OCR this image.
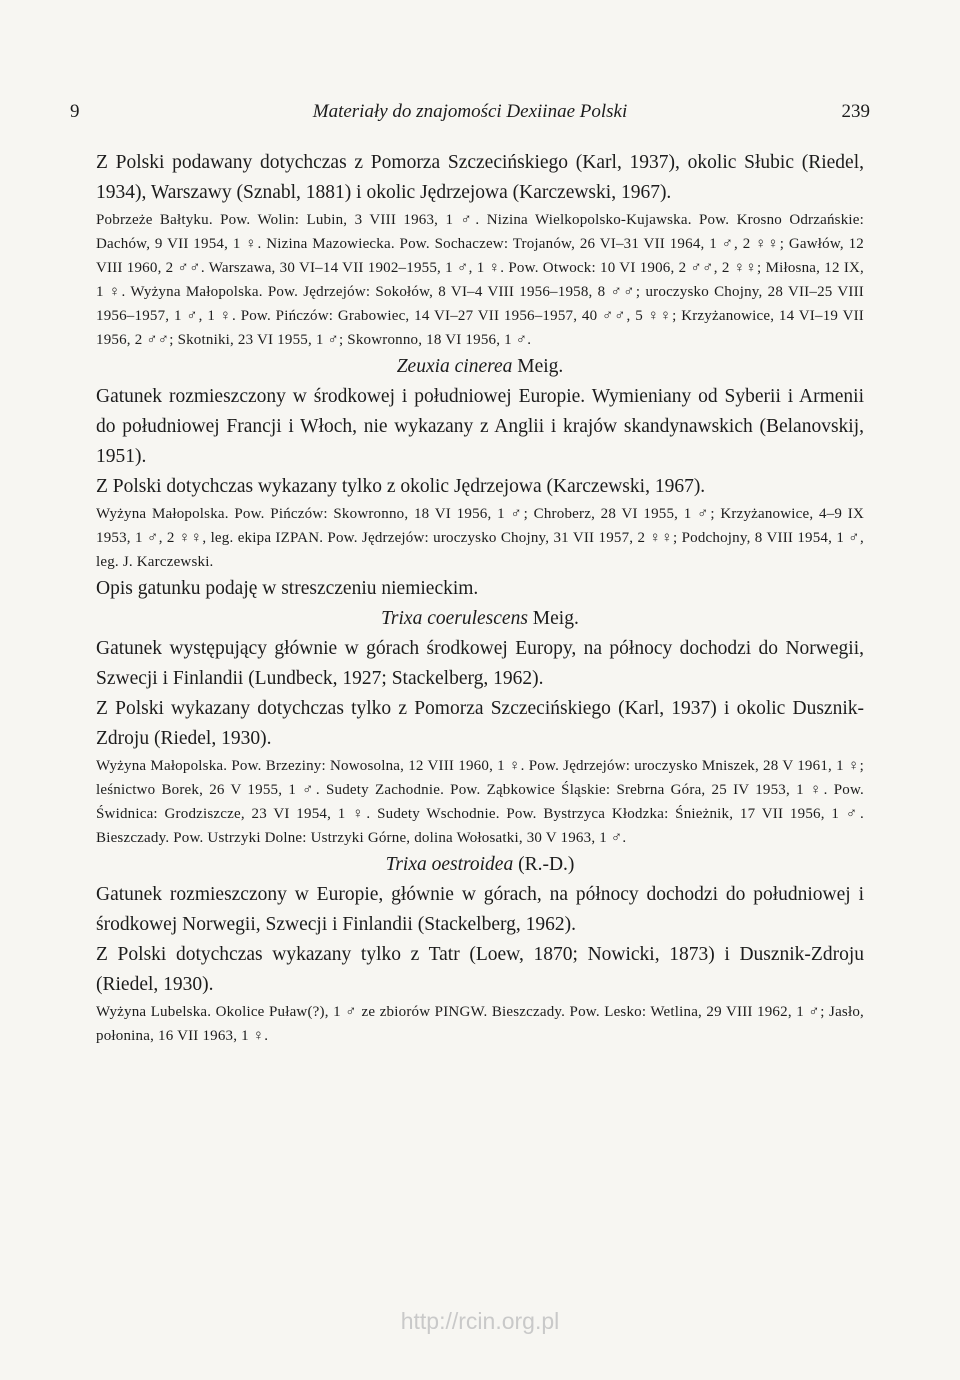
9	Materiały do znajomości Dexiinae Polski	239

Z Polski podawany dotychczas z Pomorza Szczecińskiego (Karl, 1937), okolic Słubic (Riedel, 1934), Warszawy (Sznabl, 1881) i okolic Jędrzejowa (Karczewski, 1967).

Pobrzeże Bałtyku. Pow. Wolin: Lubin, 3 VIII 1963, 1 ♂. Nizina Wielkopolsko-Kujawska. Pow. Krosno Odrzańskie: Dachów, 9 VII 1954, 1 ♀. Nizina Mazowiecka. Pow. Sochaczew: Trojanów, 26 VI–31 VII 1964, 1 ♂, 2 ♀♀; Gawłów, 12 VIII 1960, 2 ♂♂. Warszawa, 30 VI–14 VII 1902–1955, 1 ♂, 1 ♀. Pow. Otwock: 10 VI 1906, 2 ♂♂, 2 ♀♀; Miłosna, 12 IX, 1 ♀. Wyżyna Małopolska. Pow. Jędrzejów: Sokołów, 8 VI–4 VIII 1956–1958, 8 ♂♂; uroczysko Chojny, 28 VII–25 VIII 1956–1957, 1 ♂, 1 ♀. Pow. Pińczów: Grabowiec, 14 VI–27 VII 1956–1957, 40 ♂♂, 5 ♀♀; Krzyżanowice, 14 VI–19 VII 1956, 2 ♂♂; Skotniki, 23 VI 1955, 1 ♂; Skowronno, 18 VI 1956, 1 ♂.

Zeuxia cinerea Meig.

Gatunek rozmieszczony w środkowej i południowej Europie. Wymieniany od Syberii i Armenii do południowej Francji i Włoch, nie wykazany z Anglii i krajów skandynawskich (Belanovskij, 1951).

Z Polski dotychczas wykazany tylko z okolic Jędrzejowa (Karczewski, 1967).

Wyżyna Małopolska. Pow. Pińczów: Skowronno, 18 VI 1956, 1 ♂; Chroberz, 28 VI 1955, 1 ♂; Krzyżanowice, 4–9 IX 1953, 1 ♂, 2 ♀♀, leg. ekipa IZPAN. Pow. Jędrzejów: uroczysko Chojny, 31 VII 1957, 2 ♀♀; Podchojny, 8 VIII 1954, 1 ♂, leg. J. Karczewski.

Opis gatunku podaję w streszczeniu niemieckim.

Trixa coerulescens Meig.

Gatunek występujący głównie w górach środkowej Europy, na północy dochodzi do Norwegii, Szwecji i Finlandii (Lundbeck, 1927; Stackelberg, 1962).

Z Polski wykazany dotychczas tylko z Pomorza Szczecińskiego (Karl, 1937) i okolic Dusznik-Zdroju (Riedel, 1930).

Wyżyna Małopolska. Pow. Brzeziny: Nowosolna, 12 VIII 1960, 1 ♀. Pow. Jędrzejów: uroczysko Mniszek, 28 V 1961, 1 ♀; leśnictwo Borek, 26 V 1955, 1 ♂. Sudety Zachodnie. Pow. Ząbkowice Śląskie: Srebrna Góra, 25 IV 1953, 1 ♀. Pow. Świdnica: Grodziszcze, 23 VI 1954, 1 ♀. Sudety Wschodnie. Pow. Bystrzyca Kłodzka: Śnieżnik, 17 VII 1956, 1 ♂. Bieszczady. Pow. Ustrzyki Dolne: Ustrzyki Górne, dolina Wołosatki, 30 V 1963, 1 ♂.

Trixa oestroidea (R.-D.)

Gatunek rozmieszczony w Europie, głównie w górach, na północy dochodzi do południowej i środkowej Norwegii, Szwecji i Finlandii (Stackelberg, 1962).

Z Polski dotychczas wykazany tylko z Tatr (Loew, 1870; Nowicki, 1873) i Dusznik-Zdroju (Riedel, 1930).

Wyżyna Lubelska. Okolice Puław(?), 1 ♂ ze zbiorów PINGW. Bieszczady. Pow. Lesko: Wetlina, 29 VIII 1962, 1 ♂; Jasło, połonina, 16 VII 1963, 1 ♀.

http://rcin.org.pl
